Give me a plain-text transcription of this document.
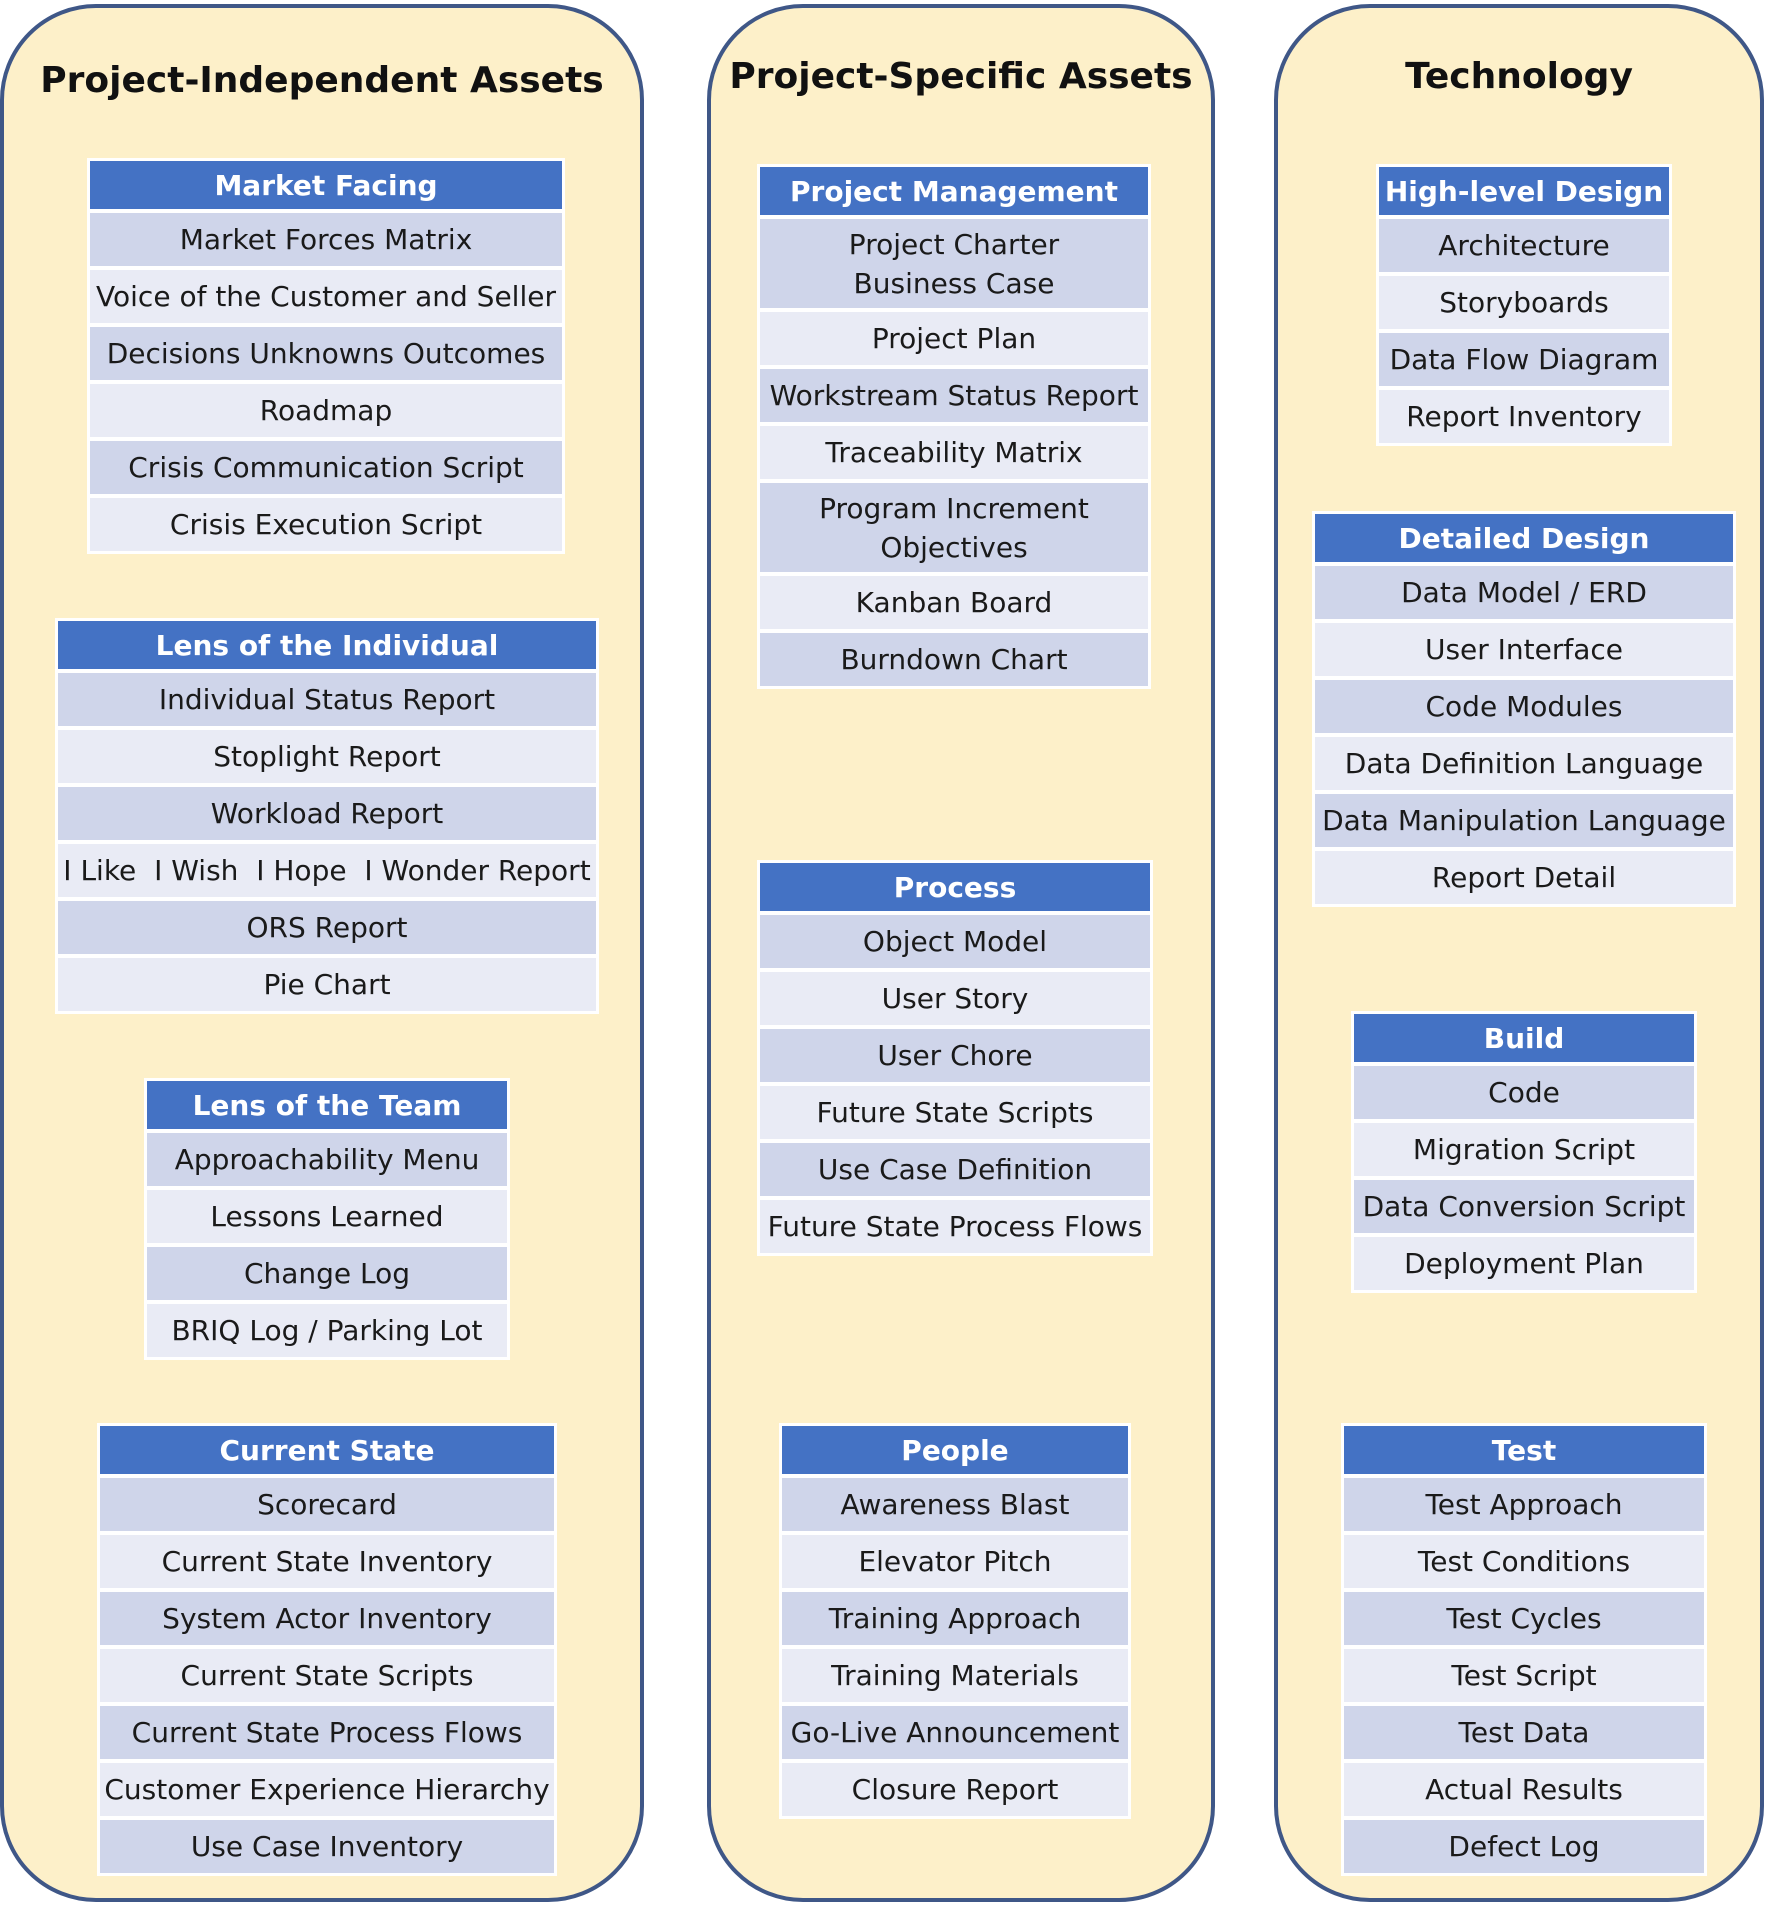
Project-Independent Assets
Market Facing
Market Forces Matrix
Voice of the Customer and Seller
Decisions Unknowns Outcomes
Roadmap
Crisis Communication Script
Crisis Execution Script
Lens of the Individual
Individual Status Report
Stoplight Report
Workload Report
I Like  I Wish  I Hope  I Wonder Report
ORS Report
Pie Chart
Lens of the Team
Approachability Menu
Lessons Learned
Change Log
BRIQ Log / Parking Lot
Current State
Scorecard
Current State Inventory
System Actor Inventory
Current State Scripts
Current State Process Flows
Customer Experience Hierarchy
Use Case Inventory
Project-Specific Assets
Project Management
Project Charter
Business Case
Project Plan
Workstream Status Report
Traceability Matrix
Program Increment
Objectives
Kanban Board
Burndown Chart
Process
Object Model
User Story
User Chore
Future State Scripts
Use Case Definition
Future State Process Flows
People
Awareness Blast
Elevator Pitch
Training Approach
Training Materials
Go-Live Announcement
Closure Report
Technology
High-level Design
Architecture
Storyboards
Data Flow Diagram
Report Inventory
Detailed Design
Data Model / ERD
User Interface
Code Modules
Data Definition Language
Data Manipulation Language
Report Detail
Build
Code
Migration Script
Data Conversion Script
Deployment Plan
Test
Test Approach
Test Conditions
Test Cycles
Test Script
Test Data
Actual Results
Defect Log
